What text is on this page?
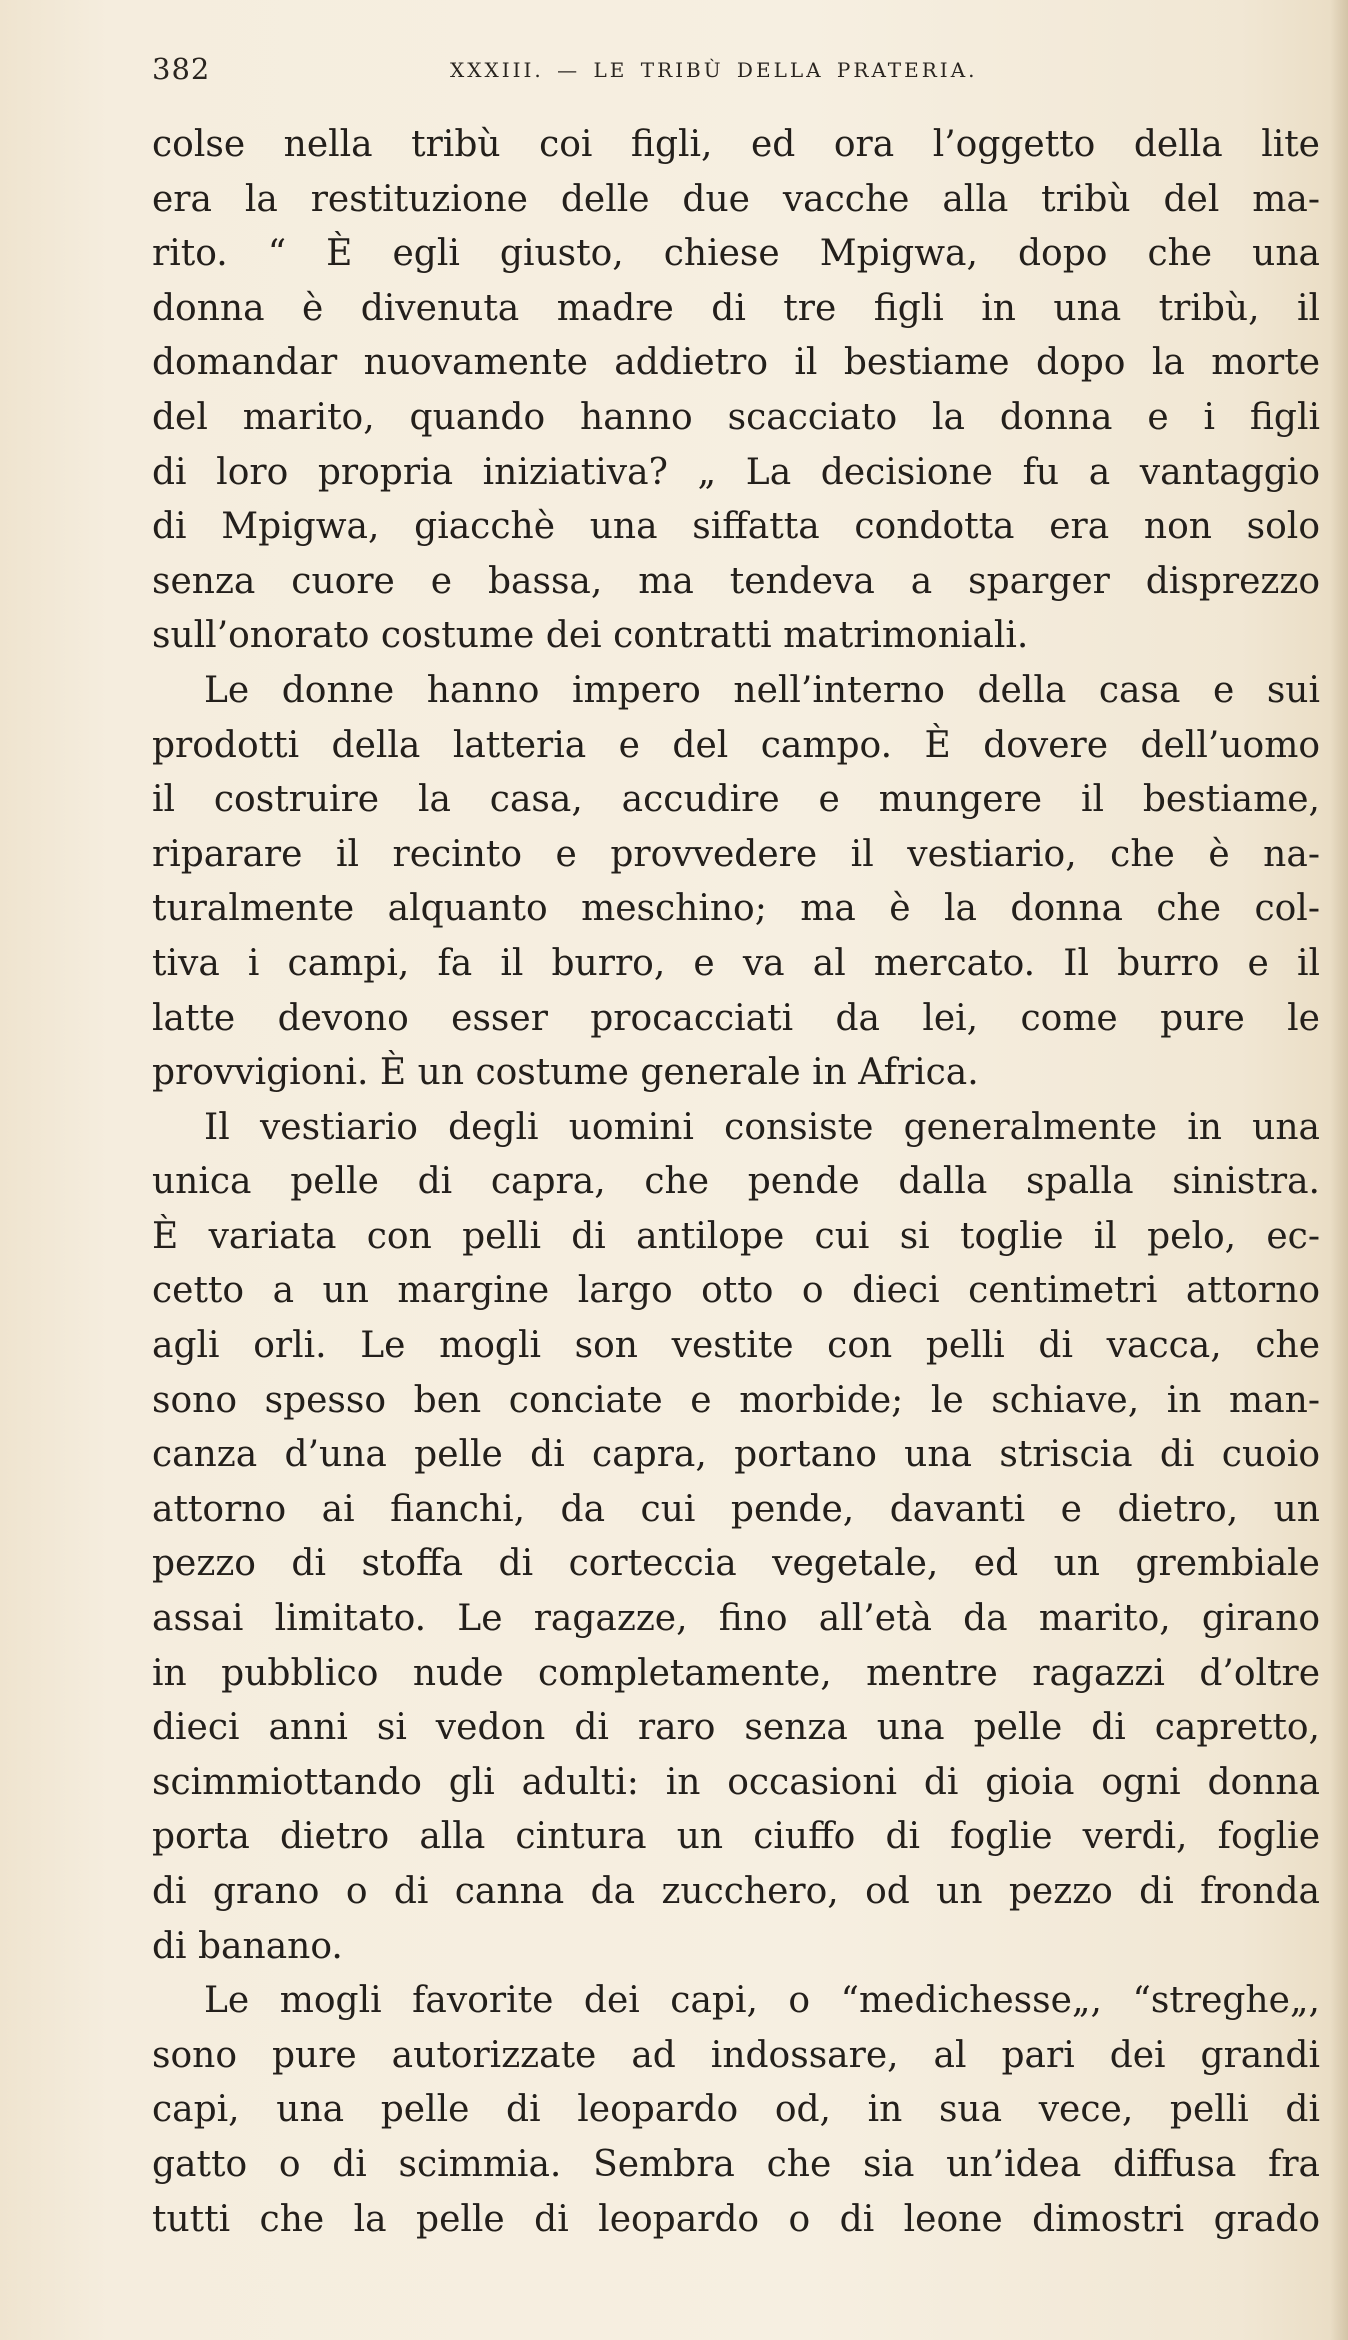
382	XXXIII. — LE TRIBÙ DELLA PRATERIA.
colse nella tribù coi figli, ed ora l’oggetto della lite
era la restituzione delle due vacche alla tribù del ma-
rito. “ È egli giusto, chiese Mpigwa, dopo che una
donna è divenuta madre di tre figli in una tribù, il
domandar nuovamente addietro il bestiame dopo la morte
del marito, quando hanno scacciato la donna e i figli
di loro propria iniziativa? „ La decisione fu a vantaggio
di Mpigwa, giacchè una siffatta condotta era non solo
senza cuore e bassa, ma tendeva a sparger disprezzo
sull’onorato costume dei contratti matrimoniali.
Le donne hanno impero nell’interno della casa e sui
prodotti della latteria e del campo. È dovere dell’uomo
il costruire la casa, accudire e mungere il bestiame,
riparare il recinto e provvedere il vestiario, che è na-
turalmente alquanto meschino; ma è la donna che col-
tiva i campi, fa il burro, e va al mercato. Il burro e il
latte devono esser procacciati da lei, come pure le
provvigioni. È un costume generale in Africa.
Il vestiario degli uomini consiste generalmente in una
unica pelle di capra, che pende dalla spalla sinistra.
È variata con pelli di antilope cui si toglie il pelo, ec-
cetto a un margine largo otto o dieci centimetri attorno
agli orli. Le mogli son vestite con pelli di vacca, che
sono spesso ben conciate e morbide; le schiave, in man-
canza d’una pelle di capra, portano una striscia di cuoio
attorno ai fianchi, da cui pende, davanti e dietro, un
pezzo di stoffa di corteccia vegetale, ed un grembiale
assai limitato. Le ragazze, fino all’età da marito, girano
in pubblico nude completamente, mentre ragazzi d’oltre
dieci anni si vedon di raro senza una pelle di capretto,
scimmiottando gli adulti: in occasioni di gioia ogni donna
porta dietro alla cintura un ciuffo di foglie verdi, foglie
di grano o di canna da zucchero, od un pezzo di fronda
di banano.
Le mogli favorite dei capi, o “medichesse„, “streghe„,
sono pure autorizzate ad indossare, al pari dei grandi
capi, una pelle di leopardo od, in sua vece, pelli di
gatto o di scimmia. Sembra che sia un’idea diffusa fra
tutti che la pelle di leopardo o di leone dimostri grado
